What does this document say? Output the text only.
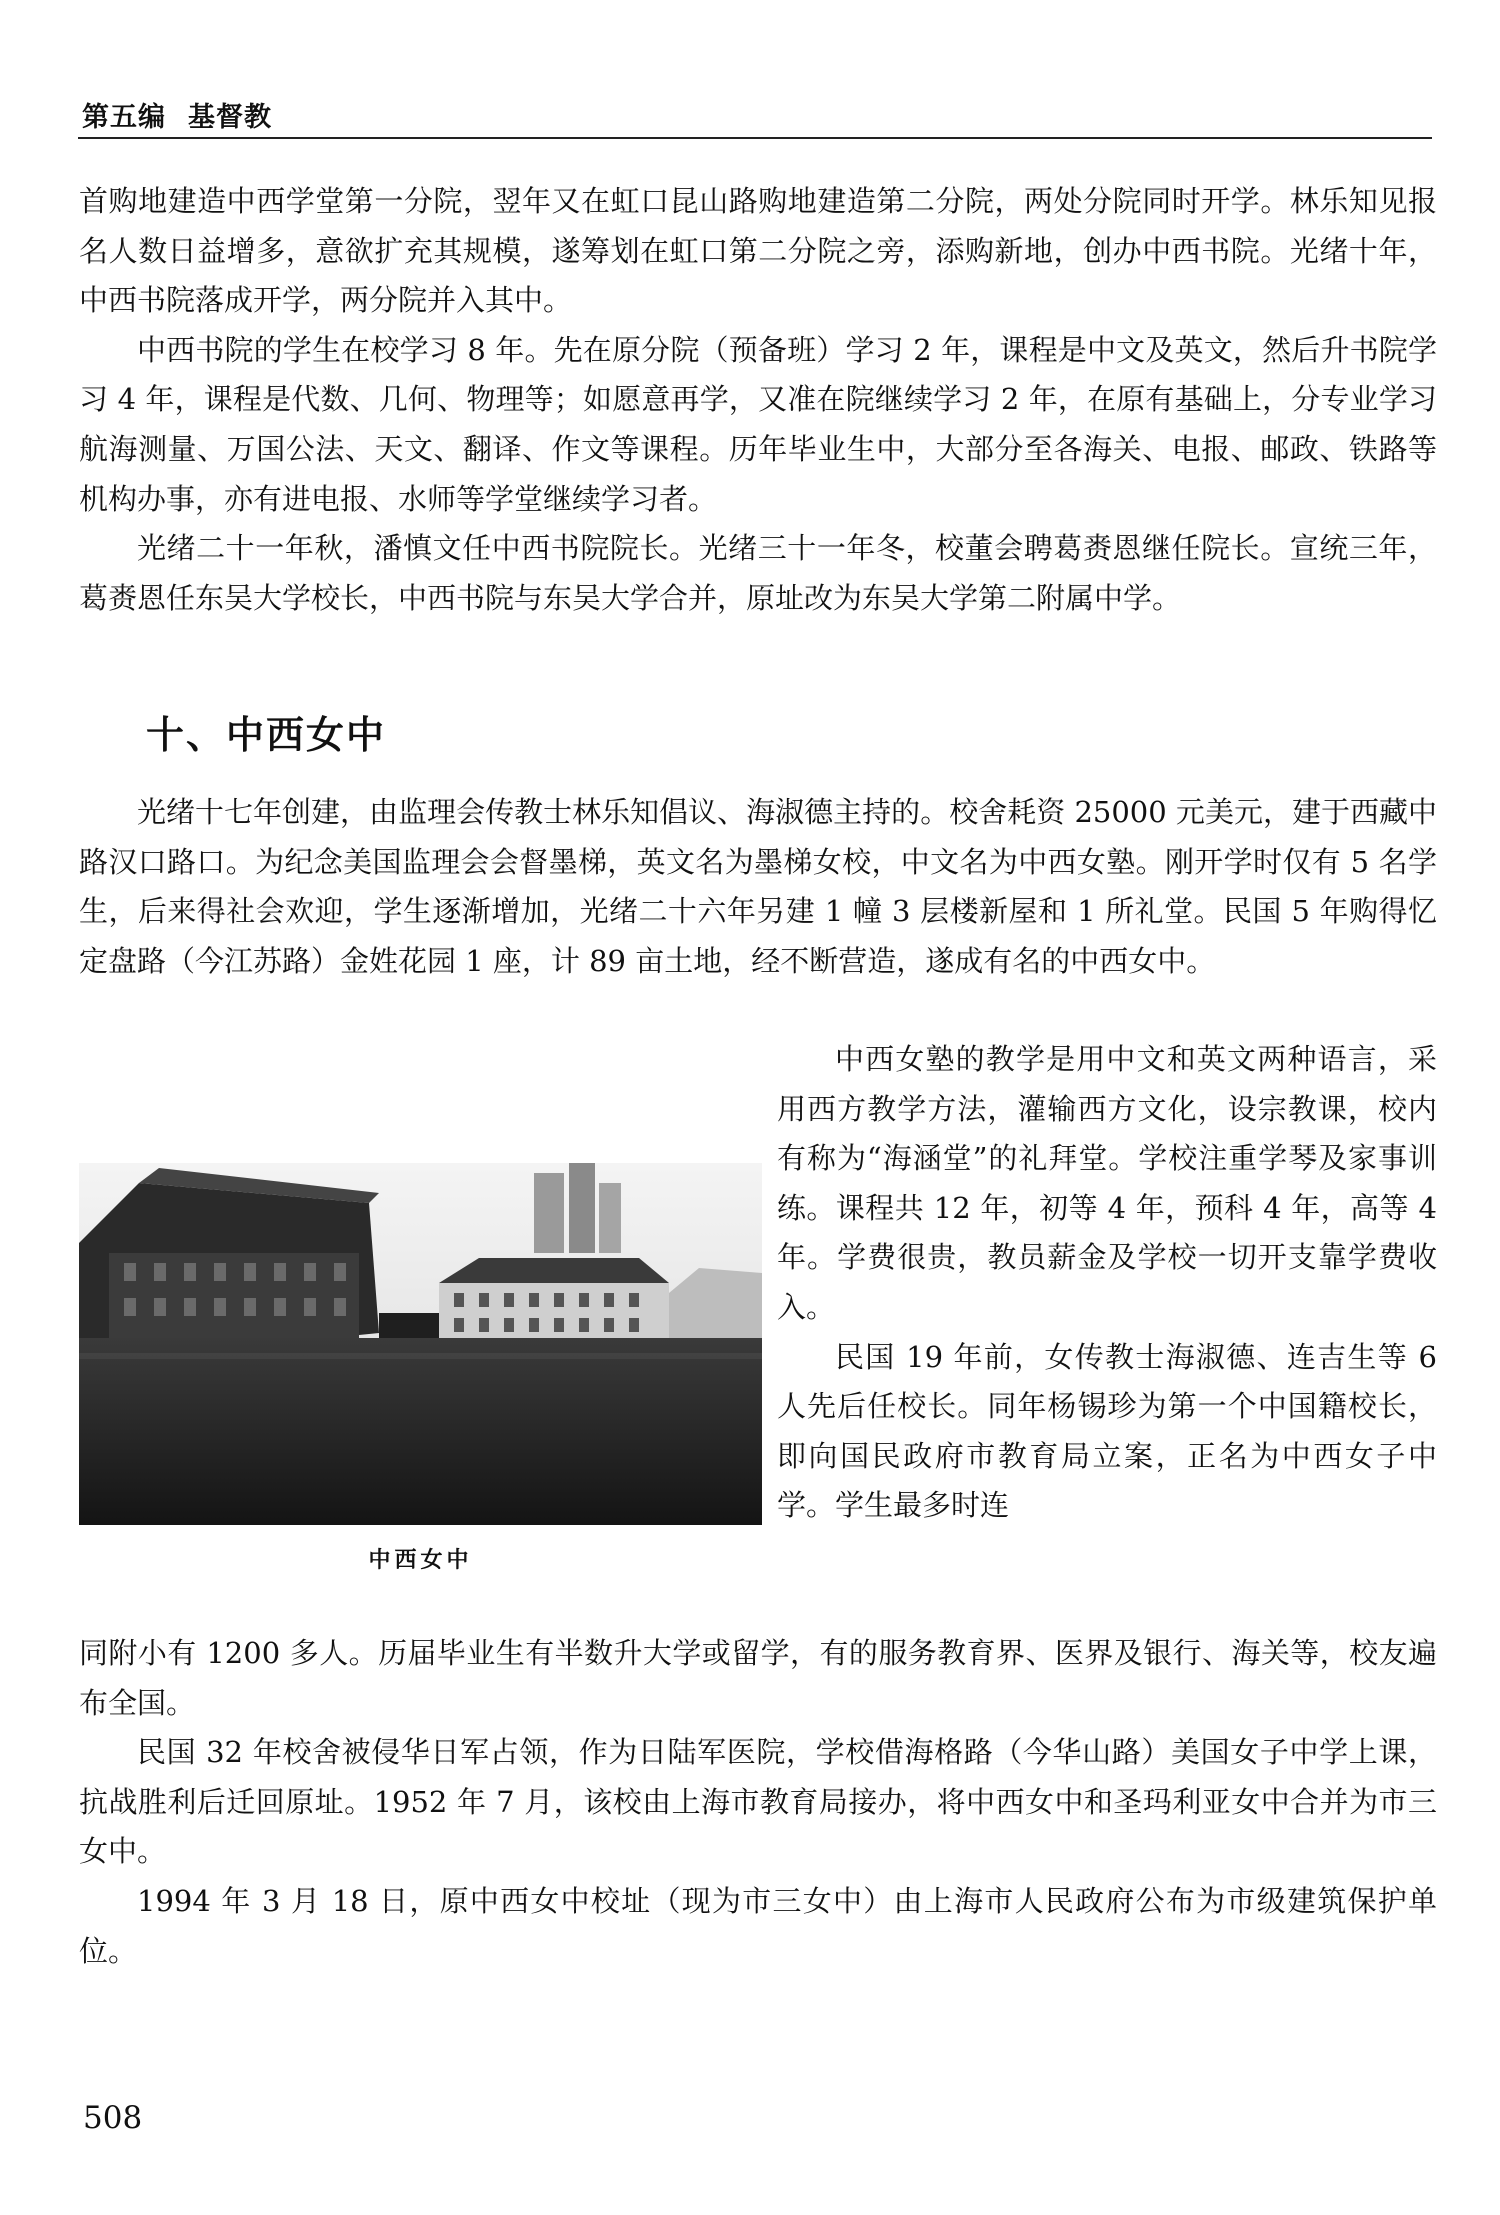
第五编 基督教

首购地建造中西学堂第一分院，翌年又在虹口昆山路购地建造第二分院，两处分院同时开学。林乐知见报名人数日益增多，意欲扩充其规模，遂筹划在虹口第二分院之旁，添购新地，创办中西书院。光绪十年，中西书院落成开学，两分院并入其中。

中西书院的学生在校学习 8 年。先在原分院（预备班）学习 2 年，课程是中文及英文，然后升书院学习 4 年，课程是代数、几何、物理等；如愿意再学，又准在院继续学习 2 年，在原有基础上，分专业学习航海测量、万国公法、天文、翻译、作文等课程。历年毕业生中，大部分至各海关、电报、邮政、铁路等机构办事，亦有进电报、水师等学堂继续学习者。

光绪二十一年秋，潘慎文任中西书院院长。光绪三十一年冬，校董会聘葛赉恩继任院长。宣统三年，葛赉恩任东吴大学校长，中西书院与东吴大学合并，原址改为东吴大学第二附属中学。

十、中西女中

光绪十七年创建，由监理会传教士林乐知倡议、海淑德主持的。校舍耗资 25000 元美元，建于西藏中路汉口路口。为纪念美国监理会会督墨梯，英文名为墨梯女校，中文名为中西女塾。刚开学时仅有 5 名学生，后来得社会欢迎，学生逐渐增加，光绪二十六年另建 1 幢 3 层楼新屋和 1 所礼堂。民国 5 年购得忆定盘路（今江苏路）金姓花园 1 座，计 89 亩土地，经不断营造，遂成有名的中西女中。

中西女中

中西女塾的教学是用中文和英文两种语言，采用西方教学方法，灌输西方文化，设宗教课，校内有称为“海涵堂”的礼拜堂。学校注重学琴及家事训练。课程共 12 年，初等 4 年，预科 4 年，高等 4 年。学费很贵，教员薪金及学校一切开支靠学费收入。

民国 19 年前，女传教士海淑德、连吉生等 6 人先后任校长。同年杨锡珍为第一个中国籍校长，即向国民政府市教育局立案，正名为中西女子中学。学生最多时连

同附小有 1200 多人。历届毕业生有半数升大学或留学，有的服务教育界、医界及银行、海关等，校友遍布全国。

民国 32 年校舍被侵华日军占领，作为日陆军医院，学校借海格路（今华山路）美国女子中学上课，抗战胜利后迁回原址。1952 年 7 月，该校由上海市教育局接办，将中西女中和圣玛利亚女中合并为市三女中。

1994 年 3 月 18 日，原中西女中校址（现为市三女中）由上海市人民政府公布为市级建筑保护单位。

508
